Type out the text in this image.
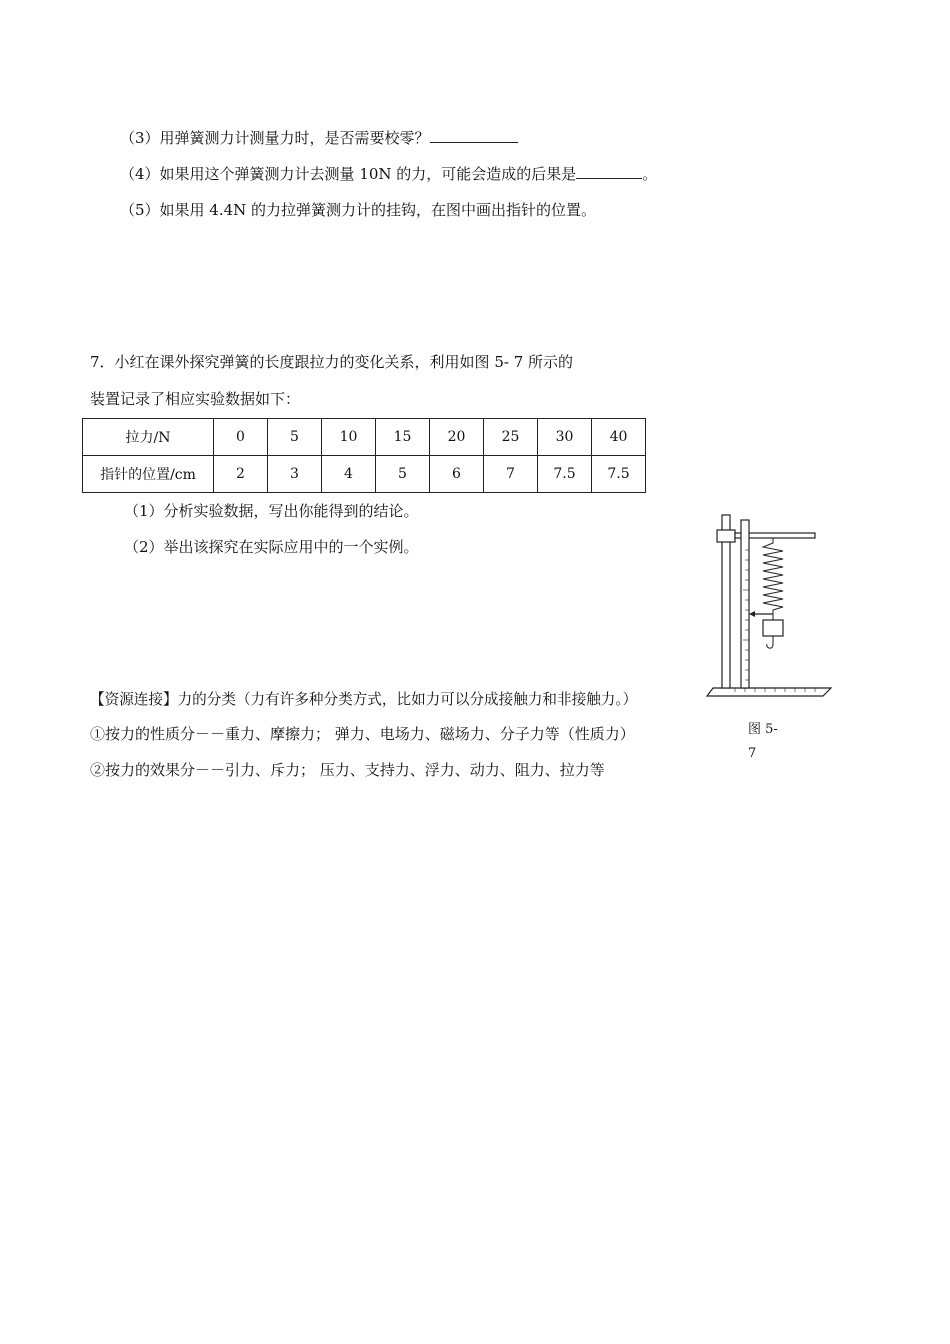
（3）用弹簧测力计测量力时，是否需要校零？
（4）如果用这个弹簧测力计去测量 10N 的力，可能会造成的后果是	。
（5）如果用 4.4N 的力拉弹簧测力计的挂钩，在图中画出指针的位置。
7．小红在课外探究弹簧的长度跟拉力的变化关系，利用如图 5- 7 所示的
装置记录了相应实验数据如下：
拉力/N	0	5	10	15	20	25	30	40
指针的位置/cm	2	3	4	5	6	7	7.5	7.5
（1）分析实验数据，写出你能得到的结论。
（2）举出该探究在实际应用中的一个实例。
图 5-
7
【资源连接】力的分类（力有许多种分类方式，比如力可以分成接触力和非接触力。）
①按力的性质分－－重力、摩擦力； 弹力、电场力、磁场力、分子力等（性质力）
②按力的效果分－－引力、斥力； 压力、支持力、浮力、动力、阻力、拉力等
